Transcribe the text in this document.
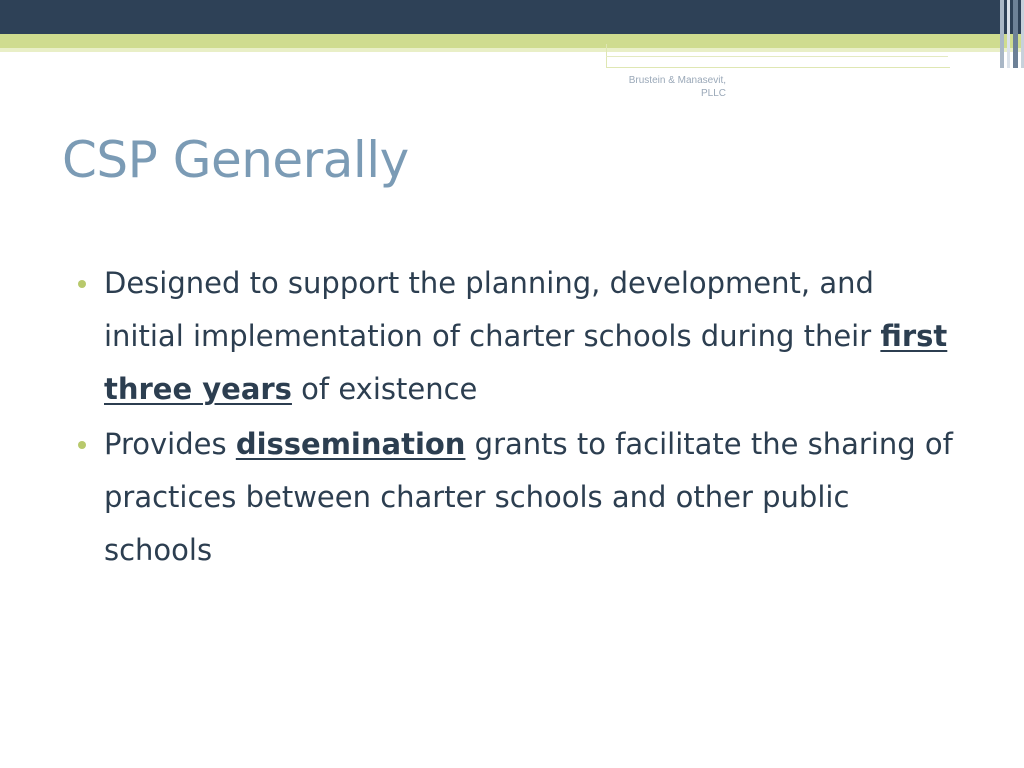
Brustein & Manasevit,
PLLC
CSP Generally
Designed to support the planning, development, and initial implementation of charter schools during their first three years of existence
Provides dissemination grants to facilitate the sharing of practices between charter schools and other public schools
